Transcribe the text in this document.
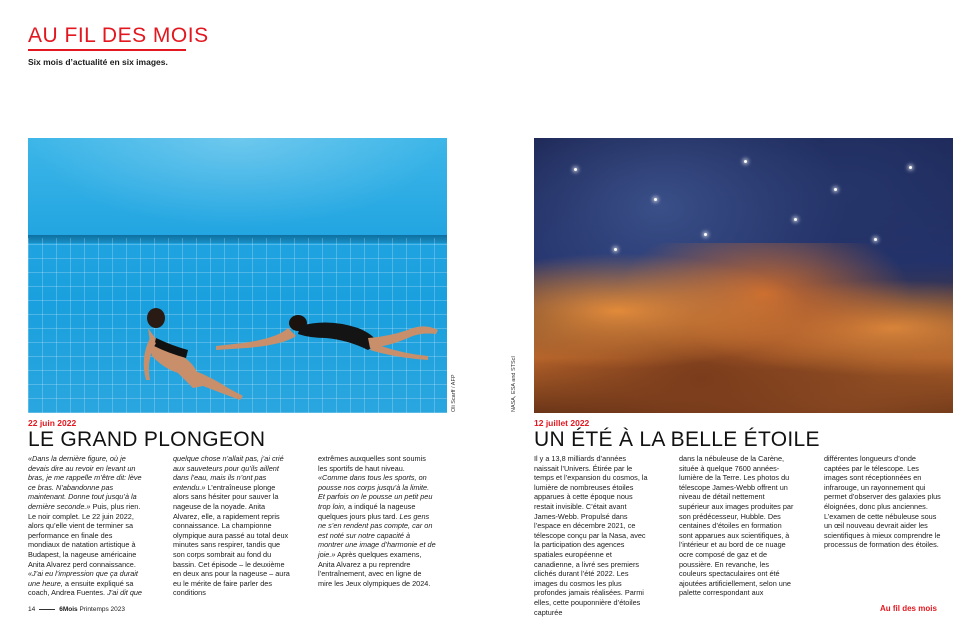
AU FIL DES MOIS
Six mois d’actualité en six images.
Oli Scarff / AFP	NASA, ESA and STScI
22 juin 2022
LE GRAND PLONGEON

«Dans la dernière figure, où je devais dire au revoir en levant un bras, je me rappelle m’être dit: lève ce bras. N’abandonne pas maintenant. Donne tout jusqu’à la dernière seconde.» Puis, plus rien. Le noir complet. Le 22 juin 2022, alors qu’elle vient de terminer sa performance en finale des mondiaux de natation artistique à Budapest, la nageuse américaine Anita Alvarez perd connaissance. «J’ai eu l’impression que ça durait une heure, a ensuite expliqué sa coach, Andrea Fuentes. J’ai dit que

quelque chose n’allait pas, j’ai crié aux sauveteurs pour qu’ils aillent dans l’eau, mais ils n’ont pas entendu.» L’entraîneuse plonge alors sans hésiter pour sauver la nageuse de la noyade. Anita Alvarez, elle, a rapidement repris connaissance. La championne olympique aura passé au total deux minutes sans respirer, tandis que son corps sombrait au fond du bassin. Cet épisode – le deuxième en deux ans pour la nageuse – aura eu le mérite de faire parler des conditions

extrêmes auxquelles sont soumis les sportifs de haut niveau. «Comme dans tous les sports, on pousse nos corps jusqu’à la limite. Et parfois on le pousse un petit peu trop loin, a indiqué la nageuse quelques jours plus tard. Les gens ne s’en rendent pas compte, car on est noté sur notre capacité à montrer une image d’harmonie et de joie.» Après quelques examens, Anita Alvarez a pu reprendre l’entraînement, avec en ligne de mire les Jeux olympiques de 2024.

12 juillet 2022
UN ÉTÉ À LA BELLE ÉTOILE

Il y a 13,8 milliards d’années naissait l’Univers. Étirée par le temps et l’expansion du cosmos, la lumière de nombreuses étoiles apparues à cette époque nous restait invisible. C’était avant James-Webb. Propulsé dans l’espace en décembre 2021, ce télescope conçu par la Nasa, avec la participation des agences spatiales européenne et canadienne, a livré ses premiers clichés durant l’été 2022. Les images du cosmos les plus profondes jamais réalisées. Parmi elles, cette pouponnière d’étoiles capturée

dans la nébuleuse de la Carène, située à quelque 7600 années-lumière de la Terre. Les photos du télescope James-Webb offrent un niveau de détail nettement supérieur aux images produites par son prédécesseur, Hubble. Des centaines d’étoiles en formation sont apparues aux scientifiques, à l’intérieur et au bord de ce nuage ocre composé de gaz et de poussière. En revanche, les couleurs spectaculaires ont été ajoutées artificiellement, selon une palette correspondant aux

différentes longueurs d’onde captées par le télescope. Les images sont réceptionnées en infrarouge, un rayonnement qui permet d’observer des galaxies plus éloignées, donc plus anciennes. L’examen de cette nébuleuse sous un œil nouveau devrait aider les scientifiques à mieux comprendre le processus de formation des étoiles.

14	6Mois Printemps 2023	Au fil des mois
